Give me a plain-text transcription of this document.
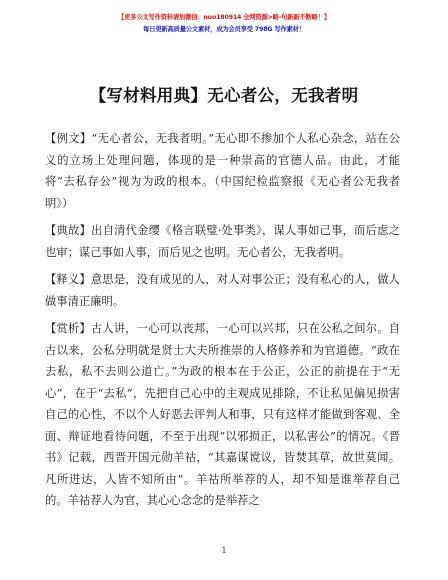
【更多公文写作资料请加微信：nuo180914 全网资源>略-句新新不断略！】
每日更新高质量公文素材，成为会员享受 798G 写作素材！
【写材料用典】无心者公，无我者明

【例文】“无心者公，无我者明。”无心即不掺加个人私心杂念，站在公义的立场上处理问题，体现的是一种崇高的官德人品。由此，才能将“去私存公”视为为政的根本。（中国纪检监察报《无心者公无我者明》）

【典故】出自清代金缨《格言联璧·处事类》，谋人事如己事，而后虑之也审；谋己事如人事，而后见之也明。无心者公，无我者明。

【释义】意思是，没有成见的人，对人对事公正；没有私心的人，做人做事清正廉明。

【赏析】古人讲，一心可以丧邦，一心可以兴邦，只在公私之间尔。自古以来，公私分明就是贤士大夫所推崇的人格修养和为官道德。“政在去私，私不去则公道亡。”为政的根本在于公正，公正的前提在于“无心”，在于“去私”，先把自己心中的主观成见排除，不让私见偏见损害自己的心性，不以个人好恶去评判人和事，只有这样才能做到客观、全面、辩证地看待问题，不至于出现“以邪损正，以私害公”的情况。《晋书》记载，西晋开国元勋羊祜，“其嘉谋谠议，皆焚其草，故世莫闻。凡所进达，人皆不知所由”。羊祜所举荐的人，却不知是谁举荐自己的。羊祜荐人为官，其心心念念的是举荐之

1
